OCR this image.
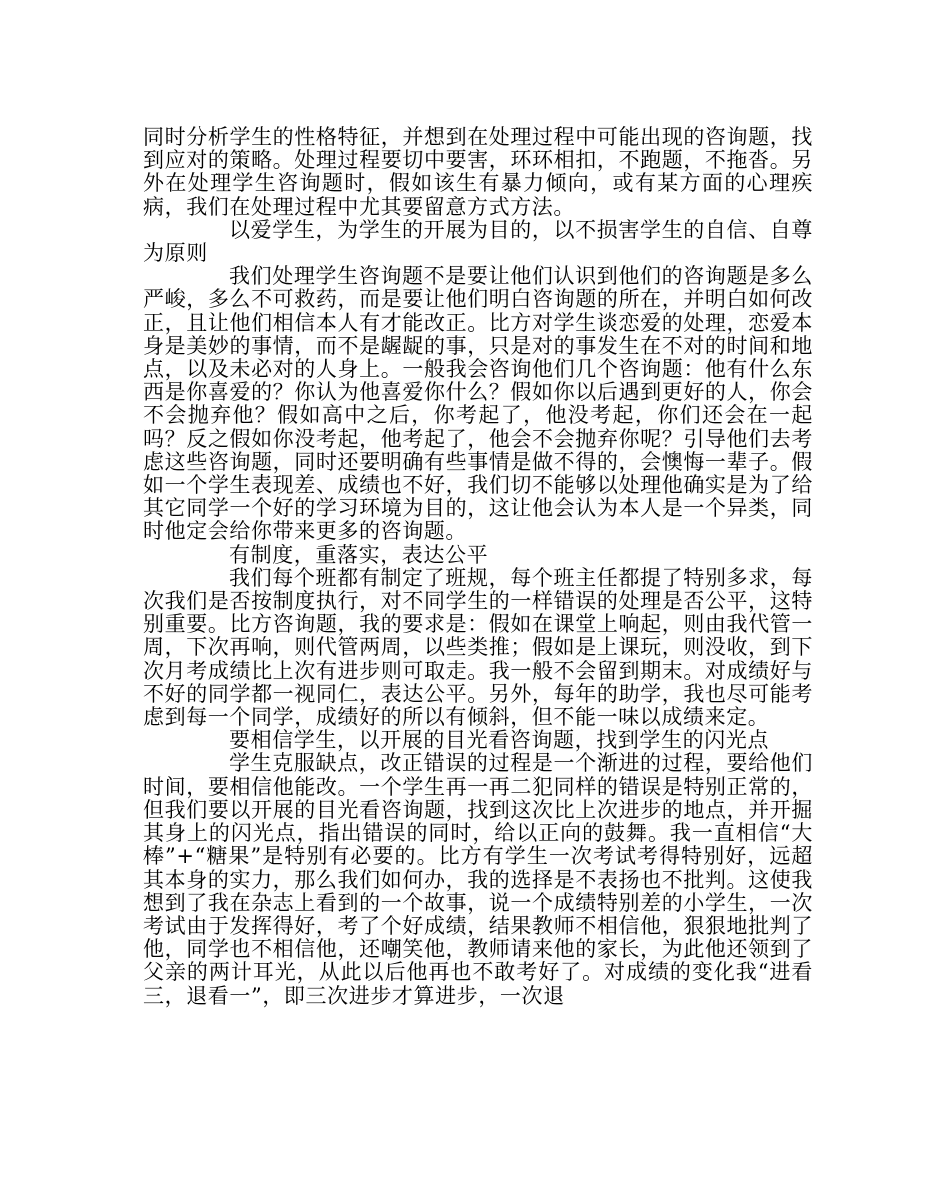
同时分析学生的性格特征，并想到在处理过程中可能出现的咨询题，找到应对的策略。处理过程要切中要害，环环相扣，不跑题，不拖沓。另外在处理学生咨询题时，假如该生有暴力倾向，或有某方面的心理疾病，我们在处理过程中尤其要留意方式方法。

以爱学生，为学生的开展为目的，以不损害学生的自信、自尊为原则

我们处理学生咨询题不是要让他们认识到他们的咨询题是多么严峻，多么不可救药，而是要让他们明白咨询题的所在，并明白如何改正，且让他们相信本人有才能改正。比方对学生谈恋爱的处理，恋爱本身是美妙的事情，而不是龌龊的事，只是对的事发生在不对的时间和地点，以及未必对的人身上。一般我会咨询他们几个咨询题：他有什么东西是你喜爱的？你认为他喜爱你什么？假如你以后遇到更好的人，你会不会抛弃他？假如高中之后，你考起了，他没考起，你们还会在一起吗？反之假如你没考起，他考起了，他会不会抛弃你呢？引导他们去考虑这些咨询题，同时还要明确有些事情是做不得的，会懊悔一辈子。假如一个学生表现差、成绩也不好，我们切不能够以处理他确实是为了给其它同学一个好的学习环境为目的，这让他会认为本人是一个异类，同时他定会给你带来更多的咨询题。

有制度，重落实，表达公平

我们每个班都有制定了班规，每个班主任都提了特别多求，每次我们是否按制度执行，对不同学生的一样错误的处理是否公平，这特别重要。比方咨询题，我的要求是：假如在课堂上响起，则由我代管一周，下次再响，则代管两周，以些类推；假如是上课玩，则没收，到下次月考成绩比上次有进步则可取走。我一般不会留到期末。对成绩好与不好的同学都一视同仁，表达公平。另外，每年的助学，我也尽可能考虑到每一个同学，成绩好的所以有倾斜，但不能一味以成绩来定。

要相信学生，以开展的目光看咨询题，找到学生的闪光点

学生克服缺点，改正错误的过程是一个渐进的过程，要给他们时间，要相信他能改。一个学生再一再二犯同样的错误是特别正常的，但我们要以开展的目光看咨询题，找到这次比上次进步的地点，并开掘其身上的闪光点，指出错误的同时，给以正向的鼓舞。我一直相信“大棒”+“糖果”是特别有必要的。比方有学生一次考试考得特别好，远超其本身的实力，那么我们如何办，我的选择是不表扬也不批判。这使我想到了我在杂志上看到的一个故事，说一个成绩特别差的小学生，一次考试由于发挥得好，考了个好成绩，结果教师不相信他，狠狠地批判了他，同学也不相信他，还嘲笑他，教师请来他的家长，为此他还领到了父亲的两计耳光，从此以后他再也不敢考好了。对成绩的变化我“进看三，退看一”，即三次进步才算进步，一次退
